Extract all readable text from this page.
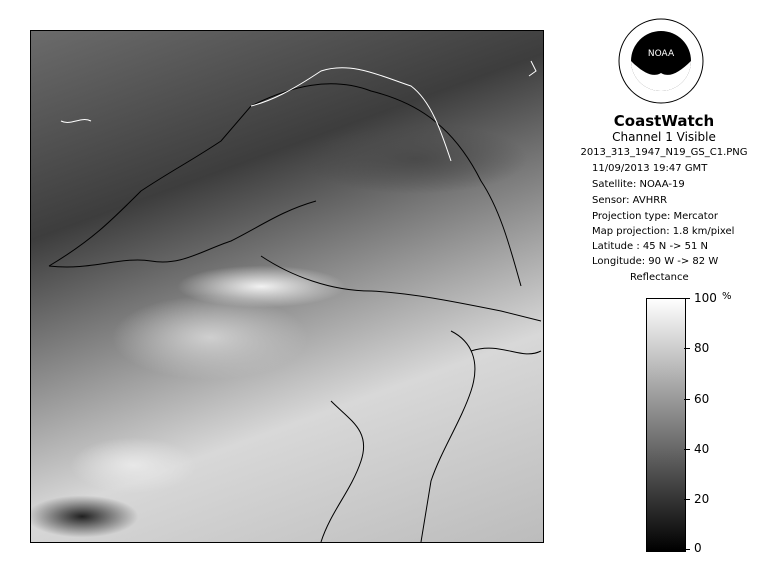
NOAA
CoastWatch
Channel 1 Visible
2013_313_1947_N19_GS_C1.PNG
11/09/2013 19:47 GMT
Satellite: NOAA-19
Sensor: AVHRR
Projection type: Mercator
Map projection: 1.8 km/pixel
Latitude : 45 N -> 51 N
Longitude: 90 W -> 82 W
Reflectance
%
100
80
60
40
20
0
